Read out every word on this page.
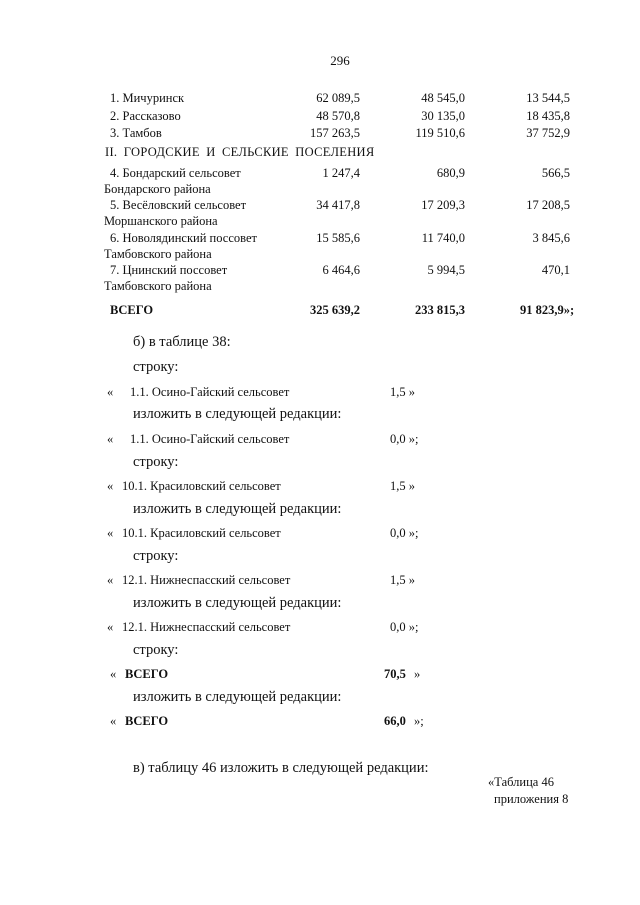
296
1. Мичуринск	62 089,5	48 545,0	13 544,5
2. Рассказово	48 570,8	30 135,0	18 435,8
3. Тамбов	157 263,5	119 510,6	37 752,9
II. ГОРОДСКИЕ И СЕЛЬСКИЕ ПОСЕЛЕНИЯ
4. Бондарский сельсовет
Бондарского района
1 247,4	680,9	566,5
5. Весёловский сельсовет
Моршанского района
34 417,8	17 209,3	17 208,5
6. Новолядинский поссовет
Тамбовского района
15 585,6	11 740,0	3 845,6
7. Цнинский поссовет
Тамбовского района
6 464,6	5 994,5	470,1
ВСЕГО	325 639,2	233 815,3	91 823,9»;
б) в таблице 38:
строку:
« 1.1. Осино-Гайский сельсовет	1,5 »
изложить в следующей редакции:
« 1.1. Осино-Гайский сельсовет	0,0 »;
строку:
« 10.1. Красиловский сельсовет	1,5 »
изложить в следующей редакции:
« 10.1. Красиловский сельсовет	0,0 »;
строку:
« 12.1. Нижнеспасский сельсовет	1,5 »
изложить в следующей редакции:
« 12.1. Нижнеспасский сельсовет	0,0 »;
строку:
« ВСЕГО	70,5 »
изложить в следующей редакции:
« ВСЕГО	66,0 »;
в) таблицу 46 изложить в следующей редакции:
«Таблица 46
приложения 8
